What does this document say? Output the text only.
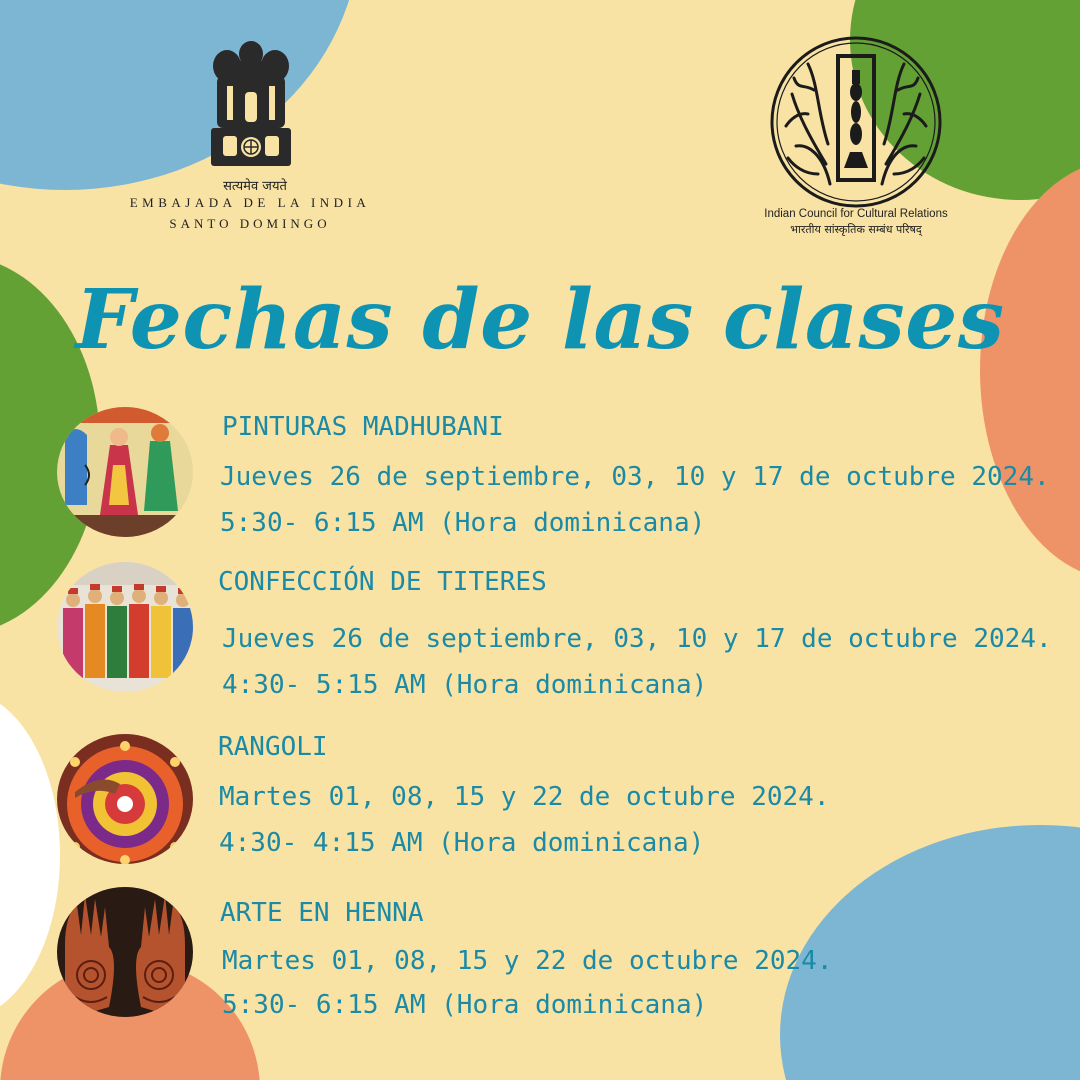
सत्यमेव जयते
EMBAJADA DE LA INDIA
SANTO DOMINGO
Indian Council for Cultural Relations
भारतीय सांस्कृतिक सम्बंध परिषद्
Fechas de las clases
PINTURAS MADHUBANI
Jueves 26 de septiembre, 03, 10 y 17 de octubre 2024.
5:30- 6:15 AM (Hora dominicana)
CONFECCIÓN DE TITERES
Jueves 26 de septiembre, 03, 10 y 17 de octubre 2024.
4:30- 5:15 AM (Hora dominicana)
RANGOLI
Martes 01, 08, 15 y 22 de octubre 2024.
4:30- 4:15 AM (Hora dominicana)
ARTE EN HENNA
Martes 01, 08, 15 y 22 de octubre 2024.
5:30- 6:15 AM (Hora dominicana)
